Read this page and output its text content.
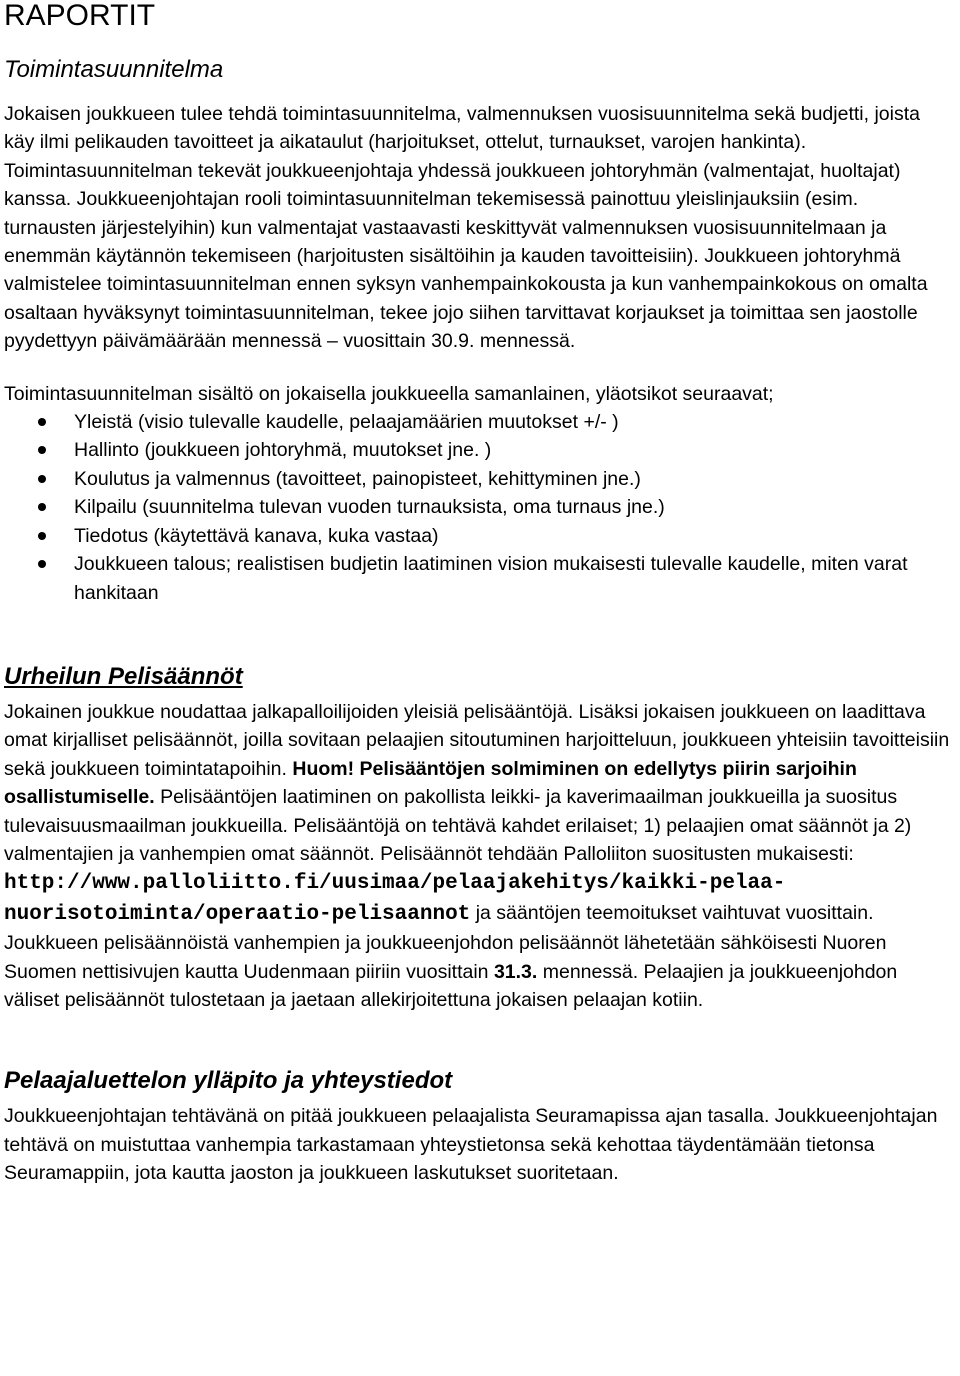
RAPORTIT
Toimintasuunnitelma

Jokaisen joukkueen tulee tehdä toimintasuunnitelma, valmennuksen vuosisuunnitelma sekä budjetti, joista käy ilmi pelikauden tavoitteet ja aikataulut (harjoitukset, ottelut, turnaukset, varojen hankinta). Toimintasuunnitelman tekevät joukkueenjohtaja yhdessä joukkueen johtoryhmän (valmentajat, huoltajat) kanssa. Joukkueenjohtajan rooli toimintasuunnitelman tekemisessä painottuu yleislinjauksiin (esim. turnausten järjestelyihin) kun valmentajat vastaavasti keskittyvät valmennuksen vuosisuunnitelmaan ja enemmän käytännön tekemiseen (harjoitusten sisältöihin ja kauden tavoitteisiin). Joukkueen johtoryhmä valmistelee toimintasuunnitelman ennen syksyn vanhempainkokousta ja kun vanhempainkokous on omalta osaltaan hyväksynyt toimintasuunnitelman, tekee jojo siihen tarvittavat korjaukset ja toimittaa sen jaostolle pyydettyyn päivämäärään mennessä – vuosittain 30.9. mennessä.

Toimintasuunnitelman sisältö on jokaisella joukkueella samanlainen, yläotsikot seuraavat;

Yleistä (visio tulevalle kaudelle, pelaajamäärien muutokset +/- )
Hallinto (joukkueen johtoryhmä, muutokset jne. )
Koulutus ja valmennus (tavoitteet, painopisteet, kehittyminen jne.)
Kilpailu (suunnitelma tulevan vuoden turnauksista, oma turnaus jne.)
Tiedotus (käytettävä kanava, kuka vastaa)
Joukkueen talous; realistisen budjetin laatiminen vision mukaisesti tulevalle kaudelle, miten varat hankitaan
Urheilun Pelisäännöt

Jokainen joukkue noudattaa jalkapalloilijoiden yleisiä pelisääntöjä. Lisäksi jokaisen joukkueen on laadittava omat kirjalliset pelisäännöt, joilla sovitaan pelaajien sitoutuminen harjoitteluun, joukkueen yhteisiin tavoitteisiin sekä joukkueen toimintatapoihin. Huom! Pelisääntöjen solmiminen on edellytys piirin sarjoihin osallistumiselle. Pelisääntöjen laatiminen on pakollista leikki- ja kaverimaailman joukkueilla ja suositus tulevaisuusmaailman joukkueilla. Pelisääntöjä on tehtävä kahdet erilaiset; 1) pelaajien omat säännöt ja 2) valmentajien ja vanhempien omat säännöt. Pelisäännöt tehdään Palloliiton suositusten mukaisesti:
http://www.palloliitto.fi/uusimaa/pelaajakehitys/kaikki-pelaa-nuorisotoiminta/operaatio-pelisaannot ja sääntöjen teemoitukset vaihtuvat vuosittain.

Joukkueen pelisäännöistä vanhempien ja joukkueenjohdon pelisäännöt lähetetään sähköisesti Nuoren Suomen nettisivujen kautta Uudenmaan piiriin vuosittain 31.3. mennessä. Pelaajien ja joukkueenjohdon väliset pelisäännöt tulostetaan ja jaetaan allekirjoitettuna jokaisen pelaajan kotiin.

Pelaajaluettelon ylläpito ja yhteystiedot

Joukkueenjohtajan tehtävänä on pitää joukkueen pelaajalista Seuramapissa ajan tasalla. Joukkueenjohtajan tehtävä on muistuttaa vanhempia tarkastamaan yhteystietonsa sekä kehottaa täydentämään tietonsa Seuramappiin, jota kautta jaoston ja joukkueen laskutukset suoritetaan.
